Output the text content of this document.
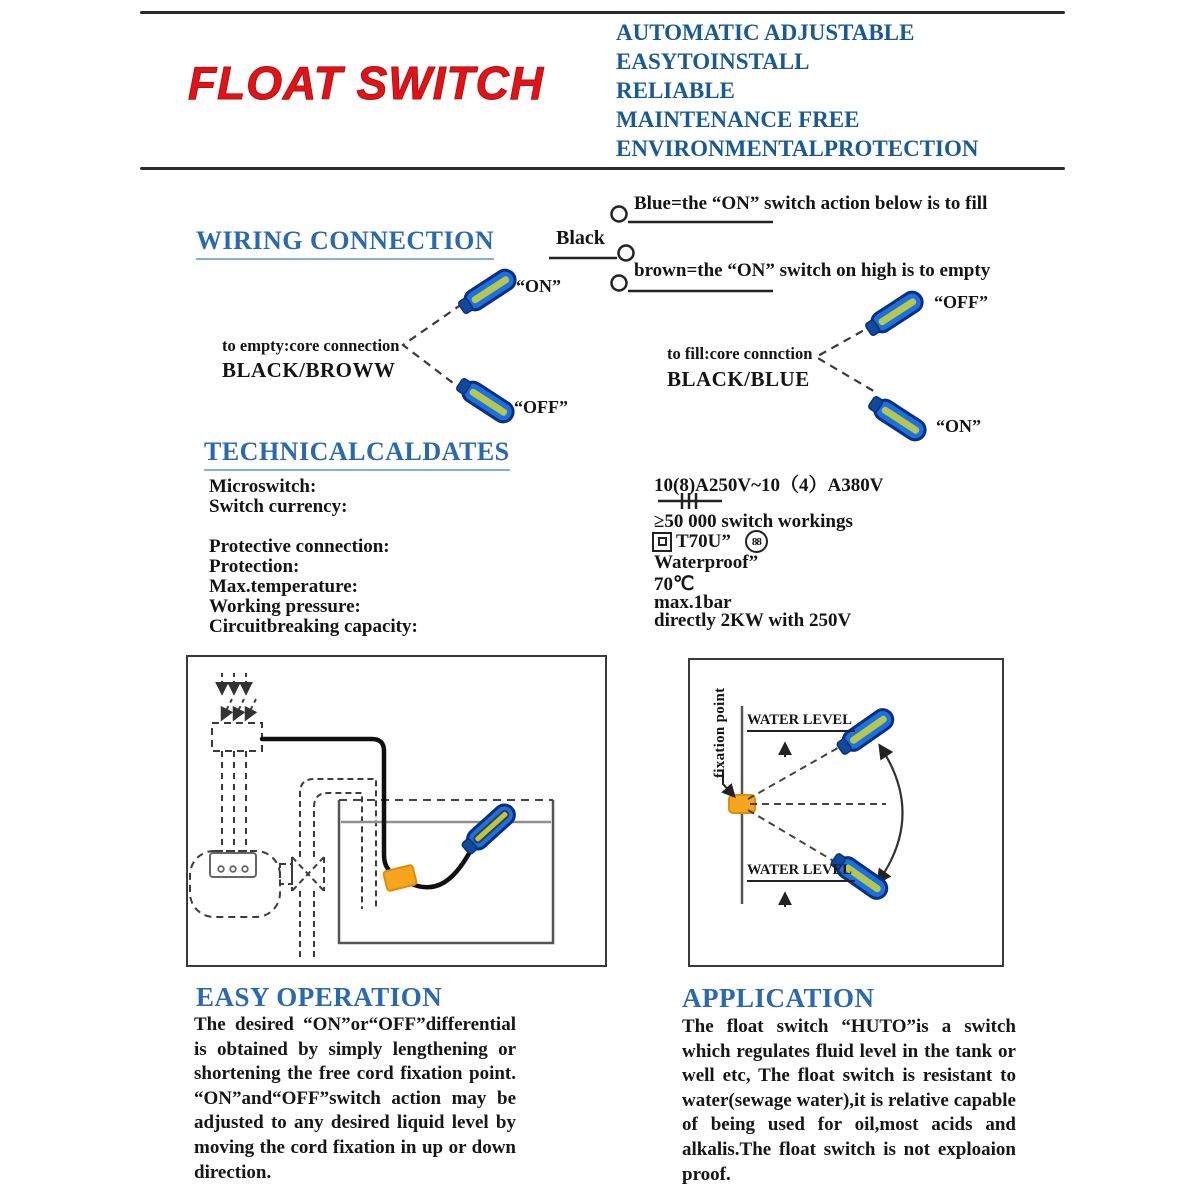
FLOAT SWITCH
AUTOMATIC ADJUSTABLE
EASYTOINSTALL
RELIABLE
MAINTENANCE FREE
ENVIRONMENTALPROTECTION
WIRING CONNECTION
Blue=the “ON” switch action below is to fill
Black
brown=the “ON” switch on high is to empty
“ON”
“OFF”
to empty:core connection
BLACK/BROWW
“OFF”
“ON”
to fill:core connction
BLACK/BLUE
TECHNICALCALDATES
Microswitch:
Switch currency:
Protective connection:
Protection:
Max.temperature:
Working pressure:
Circuitbreaking capacity:
10(8)A250V~10（4）A380V
≥50 000 switch workings
T70U”	88
Waterproof”
70℃
max.1bar
directly 2KW with 250V
fixation point WATER LEVEL
WATER LEVEL
EASY OPERATION
The desired “ON”or“OFF”differential is obtained by simply lengthening or shortening the free cord fixation point. “ON”and“OFF”switch action may be adjusted to any desired liquid level by moving the cord fixation in up or down direction.
APPLICATION
The float switch “HUTO”is a switch which regulates fluid level in the tank or well etc, The float switch is resistant to water(sewage water),it is relative capable of being used for oil,most acids and alkalis.The float switch is not exploaion proof.
